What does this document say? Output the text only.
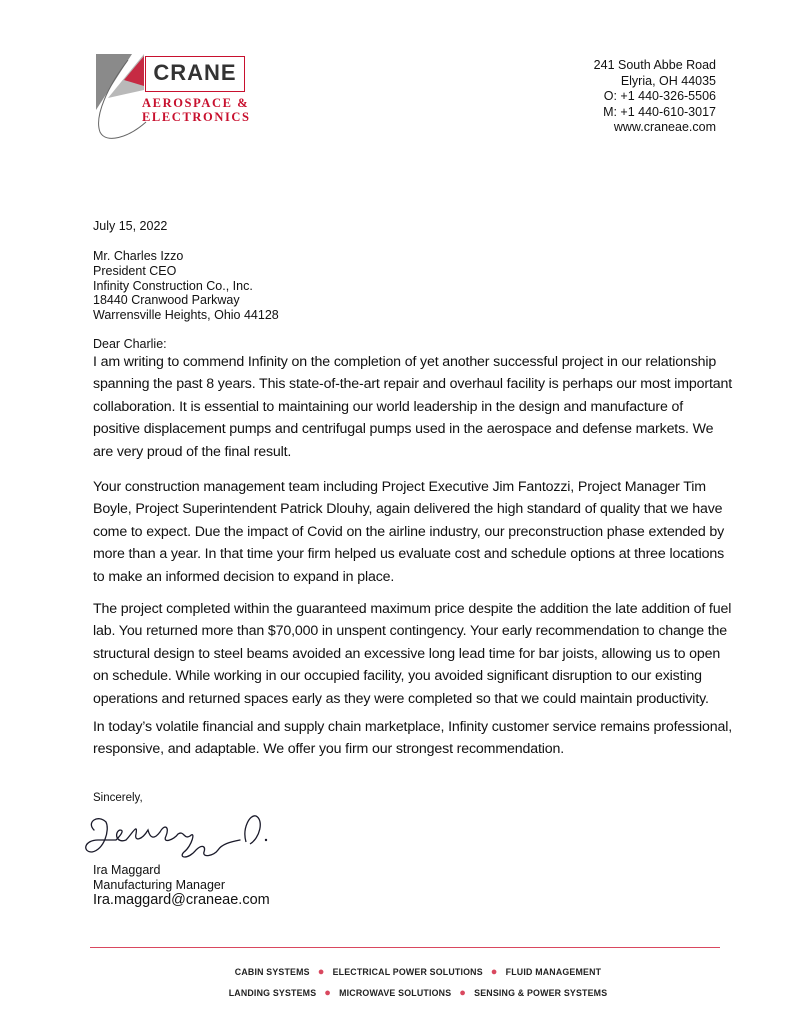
CRANE
AEROSPACE &
ELECTRONICS
241 South Abbe Road
Elyria, OH 44035
O: +1 440-326-5506
M: +1 440-610-3017
www.craneae.com
July 15, 2022
Mr. Charles Izzo
President CEO
Infinity Construction Co., Inc.
18440 Cranwood Parkway
Warrensville Heights, Ohio 44128
Dear Charlie:
I am writing to commend Infinity on the completion of yet another successful project in our relationship spanning the past 8 years. This state-of-the-art repair and overhaul facility is perhaps our most important collaboration. It is essential to maintaining our world leadership in the design and manufacture of positive displacement pumps and centrifugal pumps used in the aerospace and defense markets. We are very proud of the final result.
Your construction management team including Project Executive Jim Fantozzi, Project Manager Tim Boyle, Project Superintendent Patrick Dlouhy, again delivered the high standard of quality that we have come to expect. Due the impact of Covid on the airline industry, our preconstruction phase extended by more than a year. In that time your firm helped us evaluate cost and schedule options at three locations to make an informed decision to expand in place.
The project completed within the guaranteed maximum price despite the addition the late addition of fuel lab. You returned more than $70,000 in unspent contingency. Your early recommendation to change the structural design to steel beams avoided an excessive long lead time for bar joists, allowing us to open on schedule. While working in our occupied facility, you avoided significant disruption to our existing operations and returned spaces early as they were completed so that we could maintain productivity.
In today’s volatile financial and supply chain marketplace, Infinity customer service remains professional, responsive, and adaptable. We offer you firm our strongest recommendation.
Sincerely,
Ira Maggard
Manufacturing Manager
Ira.maggard@craneae.com
CABIN SYSTEMS ● ELECTRICAL POWER SOLUTIONS ● FLUID MANAGEMENT
LANDING SYSTEMS ● MICROWAVE SOLUTIONS ● SENSING & POWER SYSTEMS
